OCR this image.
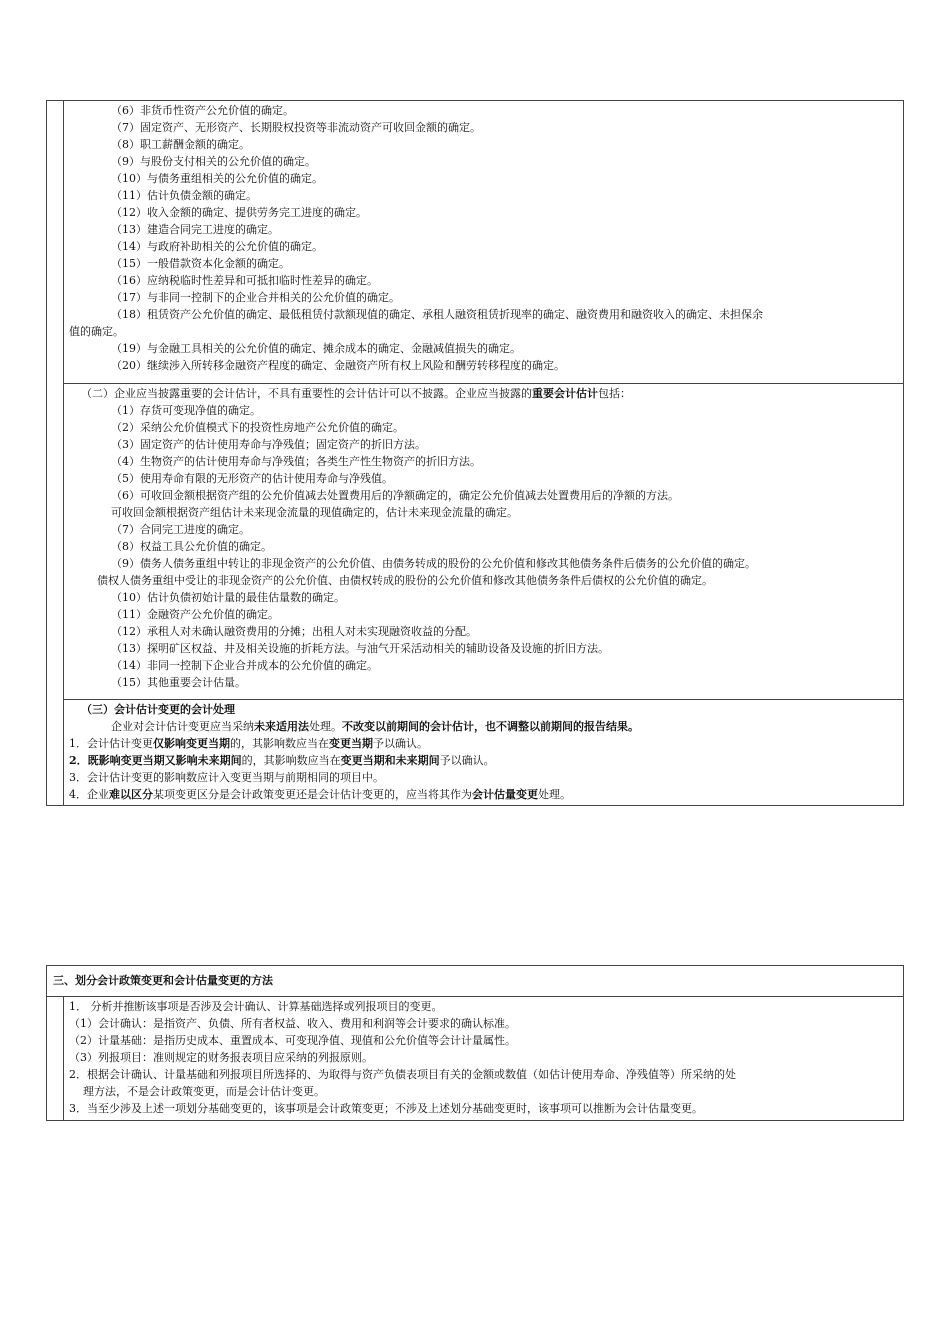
（6）非货币性资产公允价值的确定。
（7）固定资产、无形资产、长期股权投资等非流动资产可收回金额的确定。
（8）职工薪酬金额的确定。
（9）与股份支付相关的公允价值的确定。
（10）与债务重组相关的公允价值的确定。
（11）估计负债金额的确定。
（12）收入金额的确定、提供劳务完工进度的确定。
（13）建造合同完工进度的确定。
（14）与政府补助相关的公允价值的确定。
（15）一般借款资本化金额的确定。
（16）应纳税临时性差异和可抵扣临时性差异的确定。
（17）与非同一控制下的企业合并相关的公允价值的确定。
（18）租赁资产公允价值的确定、最低租赁付款额现值的确定、承租人融资租赁折现率的确定、融资费用和融资收入的确定、未担保余
值的确定。
（19）与金融工具相关的公允价值的确定、摊余成本的确定、金融减值损失的确定。
（20）继续涉入所转移金融资产程度的确定、金融资产所有权上风险和酬劳转移程度的确定。
（二）企业应当披露重要的会计估计，不具有重要性的会计估计可以不披露。企业应当披露的重要会计估计包括：
（1）存货可变现净值的确定。
（2）采纳公允价值模式下的投资性房地产公允价值的确定。
（3）固定资产的估计使用寿命与净残值；固定资产的折旧方法。
（4）生物资产的估计使用寿命与净残值；各类生产性生物资产的折旧方法。
（5）使用寿命有限的无形资产的估计使用寿命与净残值。
（6）可收回金额根据资产组的公允价值减去处置费用后的净额确定的，确定公允价值减去处置费用后的净额的方法。
可收回金额根据资产组估计未来现金流量的现值确定的，估计未来现金流量的确定。
（7）合同完工进度的确定。
（8）权益工具公允价值的确定。
（9）债务人债务重组中转让的非现金资产的公允价值、由债务转成的股份的公允价值和修改其他债务条件后债务的公允价值的确定。
债权人债务重组中受让的非现金资产的公允价值、由债权转成的股份的公允价值和修改其他债务条件后债权的公允价值的确定。
（10）估计负债初始计量的最佳估量数的确定。
（11）金融资产公允价值的确定。
（12）承租人对未确认融资费用的分摊；出租人对未实现融资收益的分配。
（13）探明矿区权益、井及相关设施的折耗方法。与油气开采活动相关的辅助设备及设施的折旧方法。
（14）非同一控制下企业合并成本的公允价值的确定。
（15）其他重要会计估量。
（三）会计估计变更的会计处理
企业对会计估计变更应当采纳未来适用法处理。不改变以前期间的会计估计，也不调整以前期间的报告结果。
1．会计估计变更仅影响变更当期的，其影响数应当在变更当期予以确认。
2．既影响变更当期又影响未来期间的，其影响数应当在变更当期和未来期间予以确认。
3．会计估计变更的影响数应计入变更当期与前期相同的项目中。
4．企业难以区分某项变更区分是会计政策变更还是会计估计变更的，应当将其作为会计估量变更处理。
三、划分会计政策变更和会计估量变更的方法
1． 分析并推断该事项是否涉及会计确认、计算基础选择或列报项目的变更。
（1）会计确认：是指资产、负债、所有者权益、收入、费用和利润等会计要求的确认标准。
（2）计量基础：是指历史成本、重置成本、可变现净值、现值和公允价值等会计计量属性。
（3）列报项目：准则规定的财务报表项目应采纳的列报原则。
2．根据会计确认、计量基础和列报项目所选择的、为取得与资产负债表项目有关的金额或数值（如估计使用寿命、净残值等）所采纳的处
理方法，不是会计政策变更，而是会计估计变更。
3．当至少涉及上述一项划分基础变更的，该事项是会计政策变更；不涉及上述划分基础变更时，该事项可以推断为会计估量变更。
